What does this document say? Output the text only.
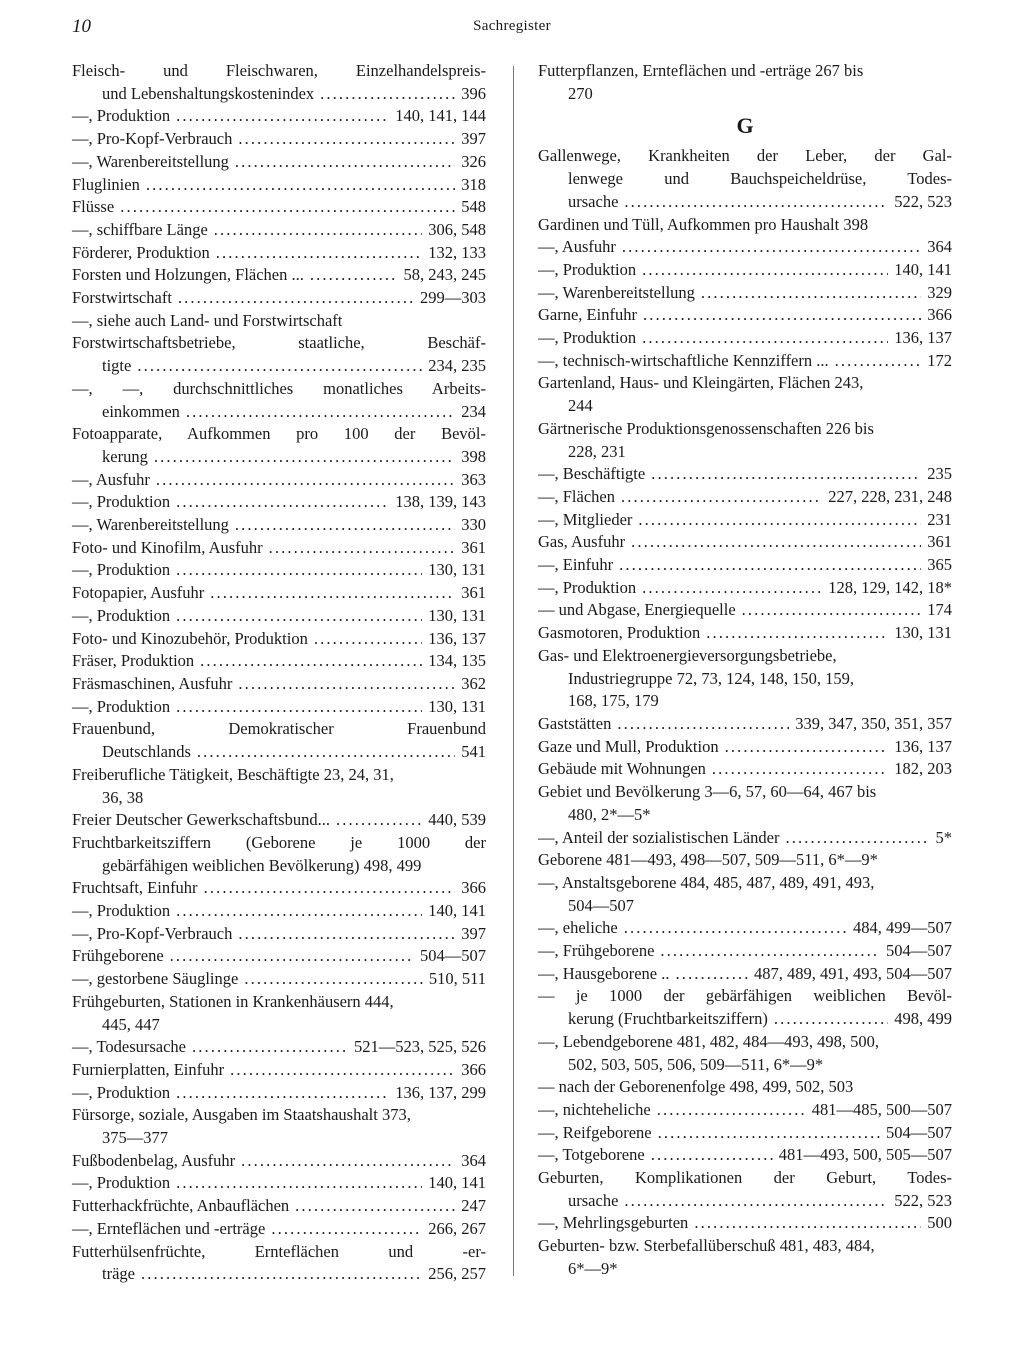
10	Sachregister
Fleisch- und Fleischwaren, Einzelhandelspreis-
und Lebenshaltungskostenindex . . .	396
—, Produktion . . .	140, 141, 144
—, Pro-Kopf-Verbrauch . . .	397
—, Warenbereitstellung . . .	326
Fluglinien . . .	318
Flüsse . . .	548
—, schiffbare Länge . . .	306, 548
Förderer, Produktion . . .	132, 133
Forsten und Holzungen, Flächen ... . . .	58, 243, 245
Forstwirtschaft . . .	299—303
—, siehe auch Land- und Forstwirtschaft
Forstwirtschaftsbetriebe, staatliche, Beschäf-
tigte . . .	234, 235
—, —, durchschnittliches monatliches Arbeits-
einkommen . . .	234
Fotoapparate, Aufkommen pro 100 der Bevöl-
kerung . . .	398
—, Ausfuhr . . .	363
—, Produktion . . .	138, 139, 143
—, Warenbereitstellung . . .	330
Foto- und Kinofilm, Ausfuhr . . .	361
—, Produktion . . .	130, 131
Fotopapier, Ausfuhr . . .	361
—, Produktion . . .	130, 131
Foto- und Kinozubehör, Produktion . . .	136, 137
Fräser, Produktion . . .	134, 135
Fräsmaschinen, Ausfuhr . . .	362
—, Produktion . . .	130, 131
Frauenbund, Demokratischer Frauenbund
Deutschlands . . .	541
Freiberufliche Tätigkeit, Beschäftigte 23, 24, 31,
36, 38
Freier Deutscher Gewerkschaftsbund... . . .	440, 539
Fruchtbarkeitsziffern (Geborene je 1000 der
gebärfähigen weiblichen Bevölkerung) 498, 499
Fruchtsaft, Einfuhr . . .	366
—, Produktion . . .	140, 141
—, Pro-Kopf-Verbrauch . . .	397
Frühgeborene . . .	504—507
—, gestorbene Säuglinge . . .	510, 511
Frühgeburten, Stationen in Krankenhäusern 444,
445, 447
—, Todesursache . . .	521—523, 525, 526
Furnierplatten, Einfuhr . . .	366
—, Produktion . . .	136, 137, 299
Fürsorge, soziale, Ausgaben im Staatshaushalt 373,
375—377
Fußbodenbelag, Ausfuhr . . .	364
—, Produktion . . .	140, 141
Futterhackfrüchte, Anbauflächen . . .	247
—, Ernteflächen und -erträge . . .	266, 267
Futterhülsenfrüchte, Ernteflächen und -er-
träge . . .	256, 257
Futterpflanzen, Ernteflächen und -erträge 267 bis
270
G
Gallenwege, Krankheiten der Leber, der Gal-
lenwege und Bauchspeicheldrüse, Todes-
ursache . . .	522, 523
Gardinen und Tüll, Aufkommen pro Haushalt 398
—, Ausfuhr . . .	364
—, Produktion . . .	140, 141
—, Warenbereitstellung . . .	329
Garne, Einfuhr . . .	366
—, Produktion . . .	136, 137
—, technisch-wirtschaftliche Kennziffern ... . . .	172
Gartenland, Haus- und Kleingärten, Flächen 243,
244
Gärtnerische Produktionsgenossenschaften 226 bis
228, 231
—, Beschäftigte . . .	235
—, Flächen . . .	227, 228, 231, 248
—, Mitglieder . . .	231
Gas, Ausfuhr . . .	361
—, Einfuhr . . .	365
—, Produktion . . .	128, 129, 142, 18*
— und Abgase, Energiequelle . . .	174
Gasmotoren, Produktion . . .	130, 131
Gas- und Elektroenergieversorgungsbetriebe,
Industriegruppe 72, 73, 124, 148, 150, 159,
168, 175, 179
Gaststätten . . .	339, 347, 350, 351, 357
Gaze und Mull, Produktion . . .	136, 137
Gebäude mit Wohnungen . . .	182, 203
Gebiet und Bevölkerung 3—6, 57, 60—64, 467 bis
480, 2*—5*
—, Anteil der sozialistischen Länder . . .	5*
Geborene 481—493, 498—507, 509—511, 6*—9*
—, Anstaltsgeborene 484, 485, 487, 489, 491, 493,
504—507
—, eheliche . . .	484, 499—507
—, Frühgeborene . . .	504—507
—, Hausgeborene .. . . .	487, 489, 491, 493, 504—507
— je 1000 der gebärfähigen weiblichen Bevöl-
kerung (Fruchtbarkeitsziffern) . . .	498, 499
—, Lebendgeborene 481, 482, 484—493, 498, 500,
502, 503, 505, 506, 509—511, 6*—9*
— nach der Geborenenfolge 498, 499, 502, 503
—, nichteheliche . . .	481—485, 500—507
—, Reifgeborene . . .	504—507
—, Totgeborene . . .	481—493, 500, 505—507
Geburten, Komplikationen der Geburt, Todes-
ursache . . .	522, 523
—, Mehrlingsgeburten . . .	500
Geburten- bzw. Sterbefallüberschuß 481, 483, 484,
6*—9*
